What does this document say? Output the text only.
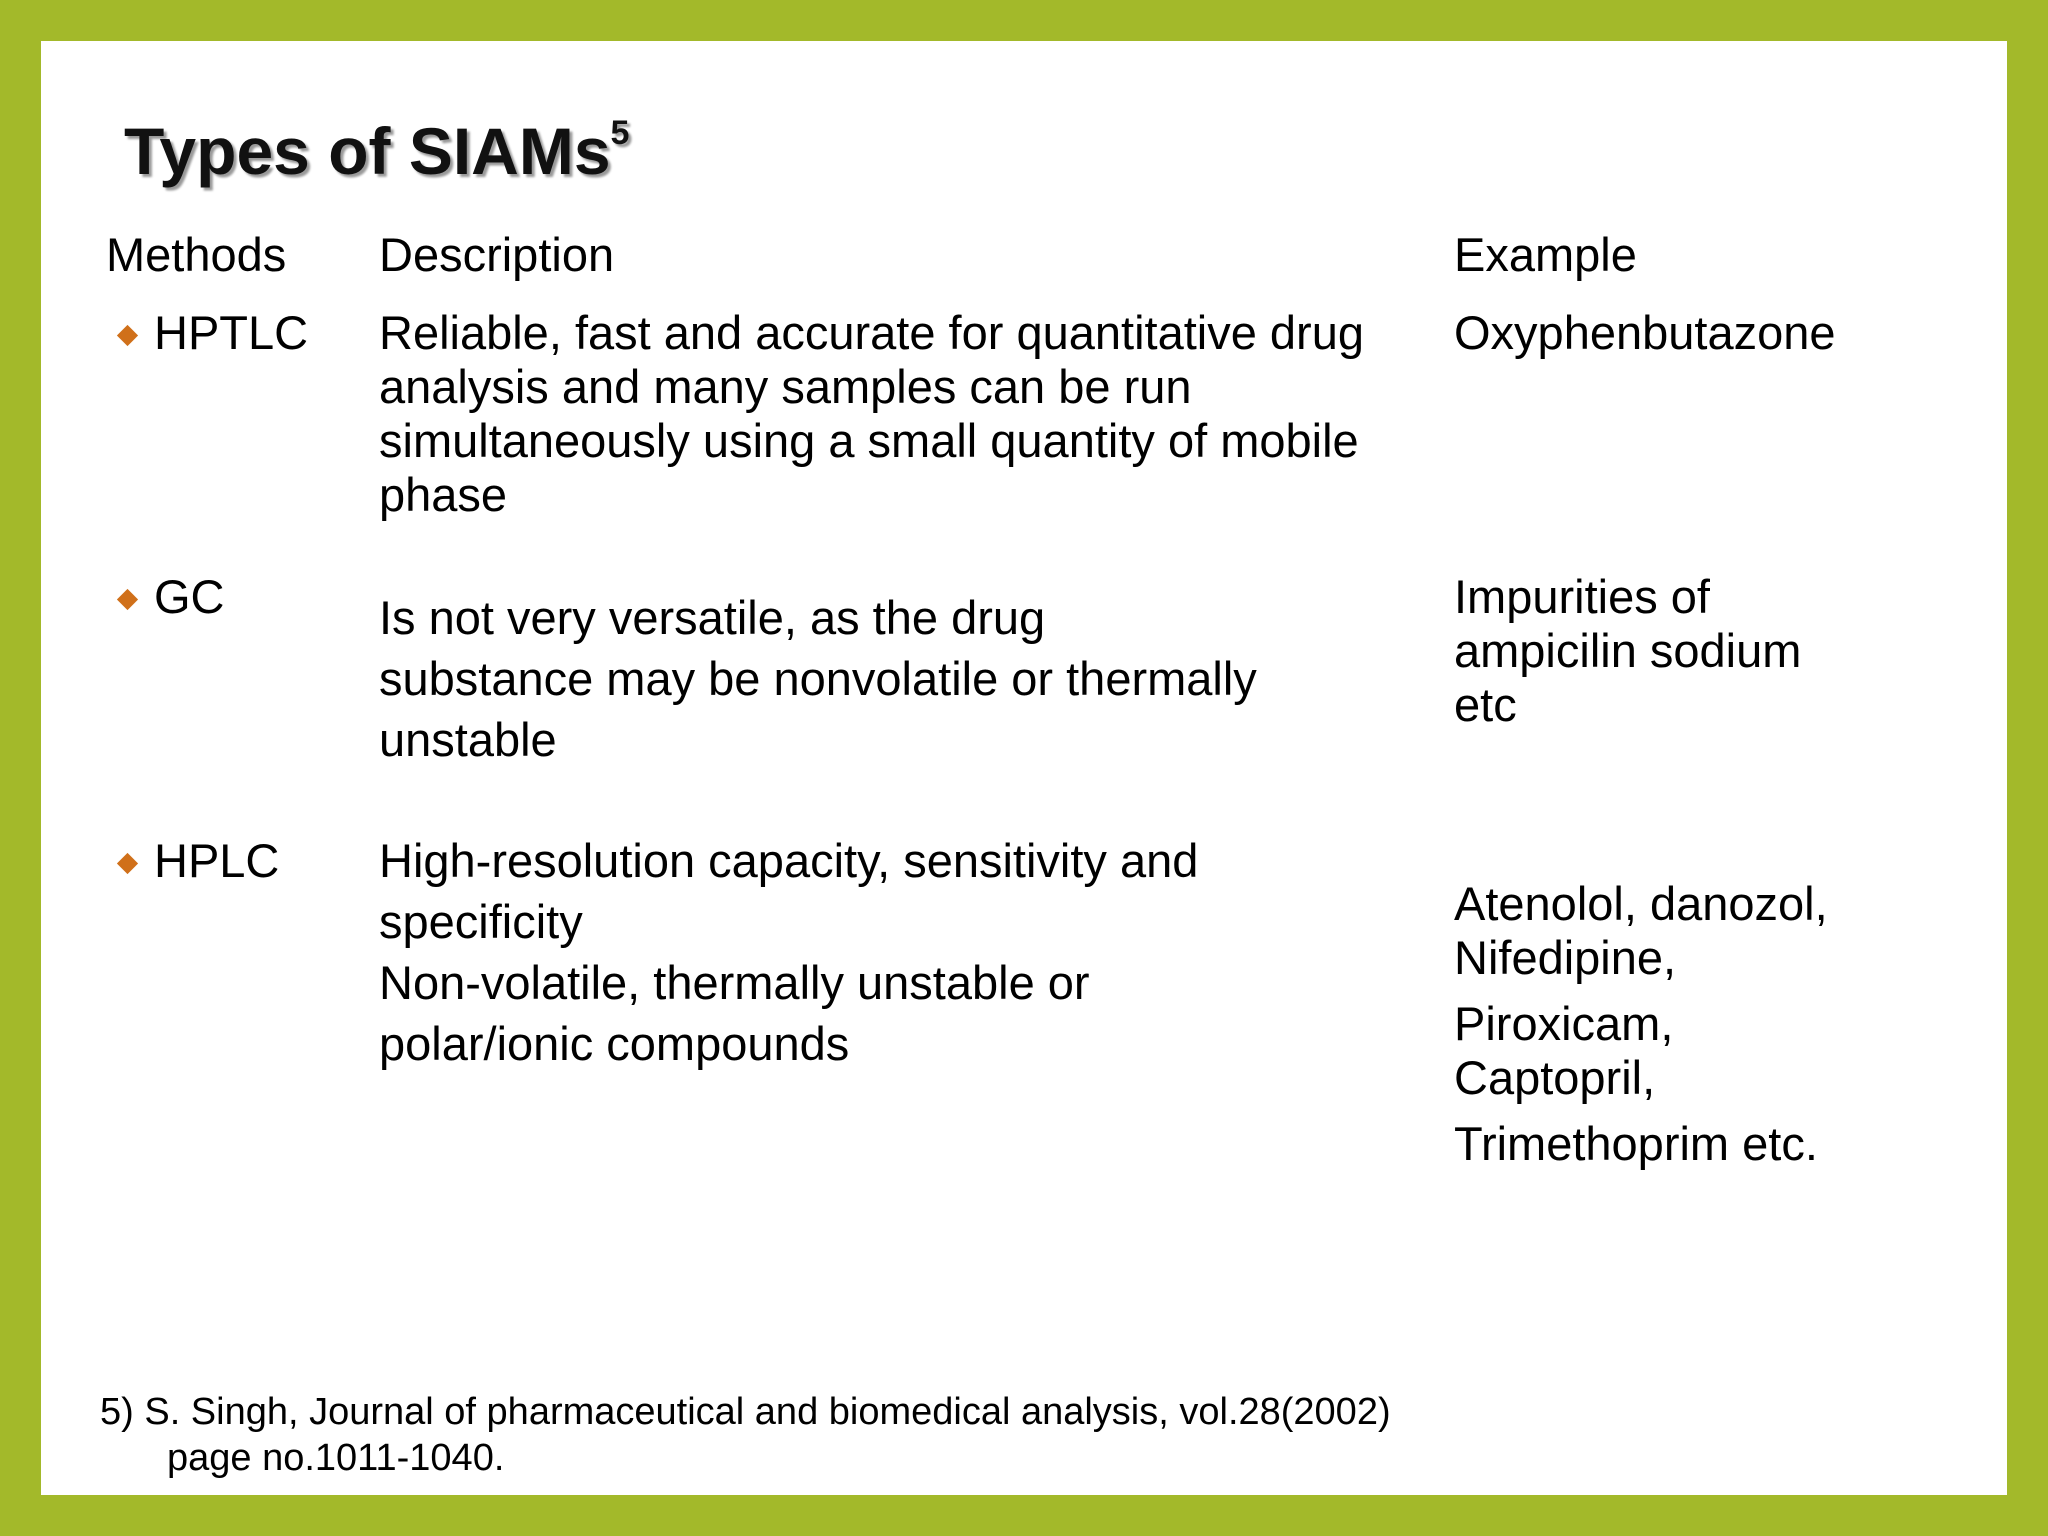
Types of SIAMs$^5$
Methods Description	Example
HPTLC Reliable, fast and accurate for quantitative drug
analysis and many samples can be run
simultaneously using a small quantity of mobile
phase
Oxyphenbutazone
GC	Is not very versatile, as the drug
substance may be nonvolatile or thermally
unstable
Impurities of
ampicilin sodium
etc
HPLC High-resolution capacity, sensitivity and
specificity
Non-volatile, thermally unstable or
polar/ionic compounds
Atenolol, danozol,
Nifedipine,
Piroxicam,
Captopril,
Trimethoprim etc.
5) S. Singh, Journal of pharmaceutical and biomedical analysis, vol.28(2002)
page no.1011-1040.
